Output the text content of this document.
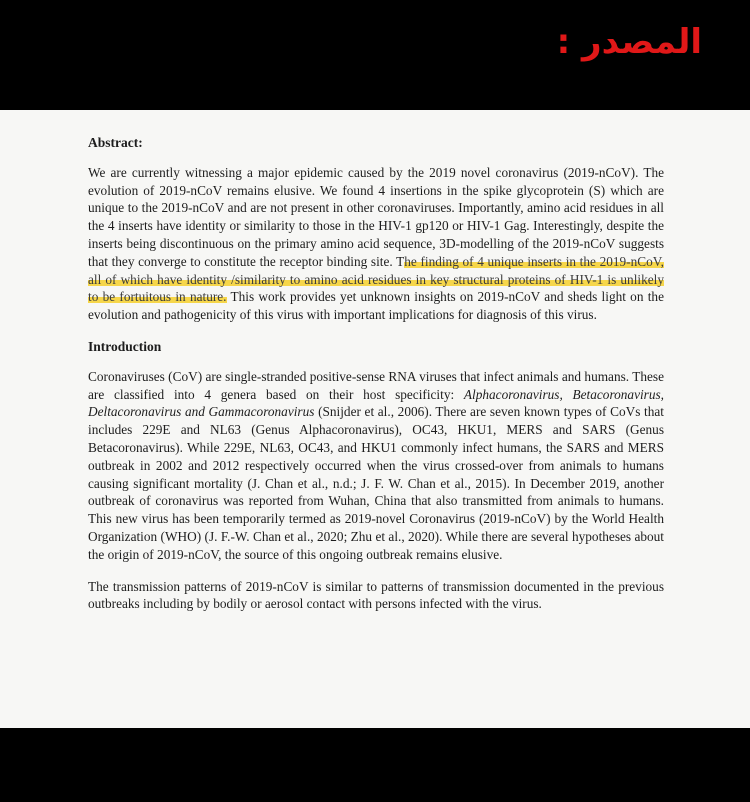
المصدر :
Abstract:

We are currently witnessing a major epidemic caused by the 2019 novel coronavirus (2019-nCoV). The evolution of 2019-nCoV remains elusive. We found 4 insertions in the spike glycoprotein (S) which are unique to the 2019-nCoV and are not present in other coronaviruses. Importantly, amino acid residues in all the 4 inserts have identity or similarity to those in the HIV-1 gp120 or HIV-1 Gag. Interestingly, despite the inserts being discontinuous on the primary amino acid sequence, 3D-modelling of the 2019-nCoV suggests that they converge to constitute the receptor binding site. The finding of 4 unique inserts in the 2019-nCoV, all of which have identity /similarity to amino acid residues in key structural proteins of HIV-1 is unlikely to be fortuitous in nature. This work provides yet unknown insights on 2019-nCoV and sheds light on the evolution and pathogenicity of this virus with important implications for diagnosis of this virus.

Introduction

Coronaviruses (CoV) are single-stranded positive-sense RNA viruses that infect animals and humans. These are classified into 4 genera based on their host specificity: Alphacoronavirus, Betacoronavirus, Deltacoronavirus and Gammacoronavirus (Snijder et al., 2006). There are seven known types of CoVs that includes 229E and NL63 (Genus Alphacoronavirus), OC43, HKU1, MERS and SARS (Genus Betacoronavirus). While 229E, NL63, OC43, and HKU1 commonly infect humans, the SARS and MERS outbreak in 2002 and 2012 respectively occurred when the virus crossed-over from animals to humans causing significant mortality (J. Chan et al., n.d.; J. F. W. Chan et al., 2015). In December 2019, another outbreak of coronavirus was reported from Wuhan, China that also transmitted from animals to humans. This new virus has been temporarily termed as 2019-novel Coronavirus (2019-nCoV) by the World Health Organization (WHO) (J. F.-W. Chan et al., 2020; Zhu et al., 2020). While there are several hypotheses about the origin of 2019-nCoV, the source of this ongoing outbreak remains elusive.

The transmission patterns of 2019-nCoV is similar to patterns of transmission documented in the previous outbreaks including by bodily or aerosol contact with persons infected with the virus.
